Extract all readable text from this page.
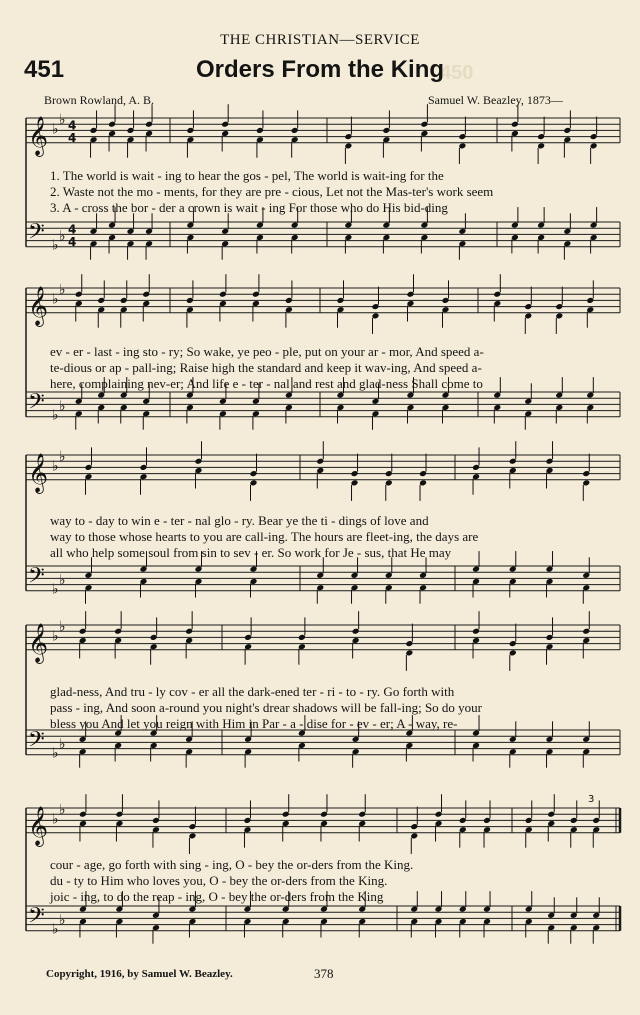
THE CHRISTIAN—SERVICE
450
451	Orders From the King
Brown Rowland, A. B.	Samuel W. Beazley, 1873—
𝄞
𝄢
♭
♭
♭
♭
4
4
4
4
𝄞
𝄢
♭
♭
♭
♭
𝄞
𝄢
♭
♭
♭
♭
𝄞
𝄢
♭
♭
♭
♭
𝄞
𝄢
♭
♭
♭
♭
3
1. The world is wait - ing to hear the gos - pel, The world is wait-ing for the
2. Waste not the mo - ments, for they are pre - cious, Let not the Mas-ter's work seem
3. A - cross the bor - der a crown is wait - ing For those who do His bid-ding
ev - er - last - ing sto - ry; So wake, ye peo - ple, put on your ar - mor, And speed a-
te-dious or ap - pall-ing; Raise high the standard and keep it wav-ing, And speed a-
here, complaining nev-er; And life e - ter - nal and rest and glad-ness Shall come to
way to - day to win e - ter - nal glo - ry. Bear ye the ti - dings of love and
way to those whose hearts to you are call-ing. The hours are fleet-ing, the days are
all who help some soul from sin to sev - er. So work for Je - sus, that He may
glad-ness, And tru - ly cov - er all the dark-ened ter - ri - to - ry. Go forth with
pass - ing, And soon a-round you night's drear shadows will be fall-ing; So do your
bless you And let you reign with Him in Par - a - dise for - ev - er; A - way, re-
cour - age, go forth with sing - ing, O - bey the or-ders from the King.
du - ty to Him who loves you, O - bey the or-ders from the King.
joic - ing, to do the reap - ing, O - bey the or-ders from the King
Copyright, 1916, by Samuel W. Beazley.	378
